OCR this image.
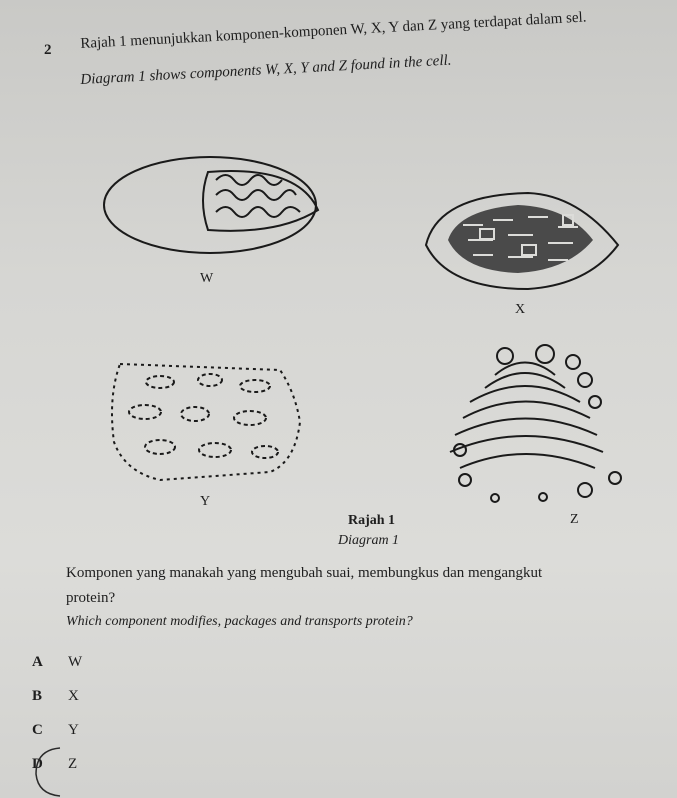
2 Rajah 1 menunjukkan komponen-komponen W, X, Y dan Z yang terdapat dalam sel.
Diagram 1 shows components W, X, Y and Z found in the cell.
W
X
Y
Z
Rajah 1
Diagram 1
Komponen yang manakah yang mengubah suai, membungkus dan mengangkut
protein?
Which component modifies, packages and transports protein?
A W
B X
C Y
D Z
